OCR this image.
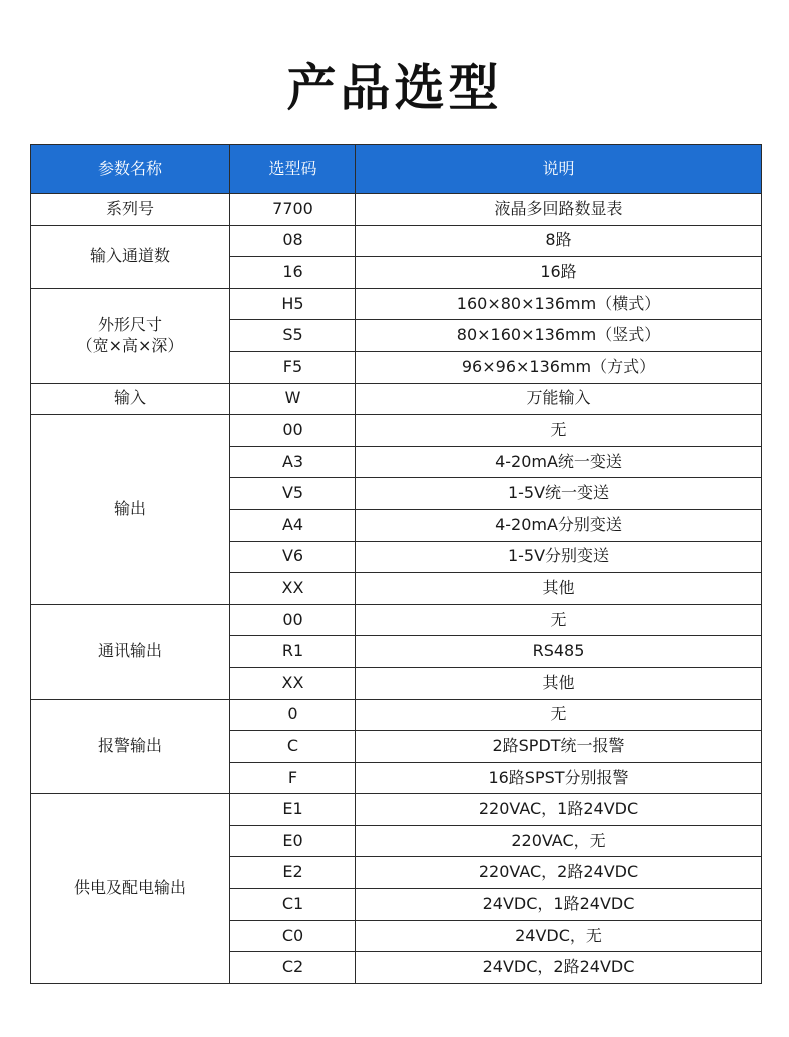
产品选型
参数名称	选型码	说明
系列号	7700	液晶多回路数显表
输入通道数	08	8路
	16	16路
外形尺寸
（宽×高×深）	H5	160×80×136mm（横式）
	S5	80×160×136mm（竖式）
	F5	96×96×136mm（方式）
输入	W	万能输入
输出	00	无
	A3	4-20mA统一变送
	V5	1-5V统一变送
	A4	4-20mA分别变送
	V6	1-5V分别变送
	XX	其他
通讯输出	00	无
	R1	RS485
	XX	其他
报警输出	0	无
	C	2路SPDT统一报警
	F	16路SPST分别报警
供电及配电输出	E1	220VAC，1路24VDC
	E0	220VAC，无
	E2	220VAC，2路24VDC
	C1	24VDC，1路24VDC
	C0	24VDC，无
	C2	24VDC，2路24VDC
